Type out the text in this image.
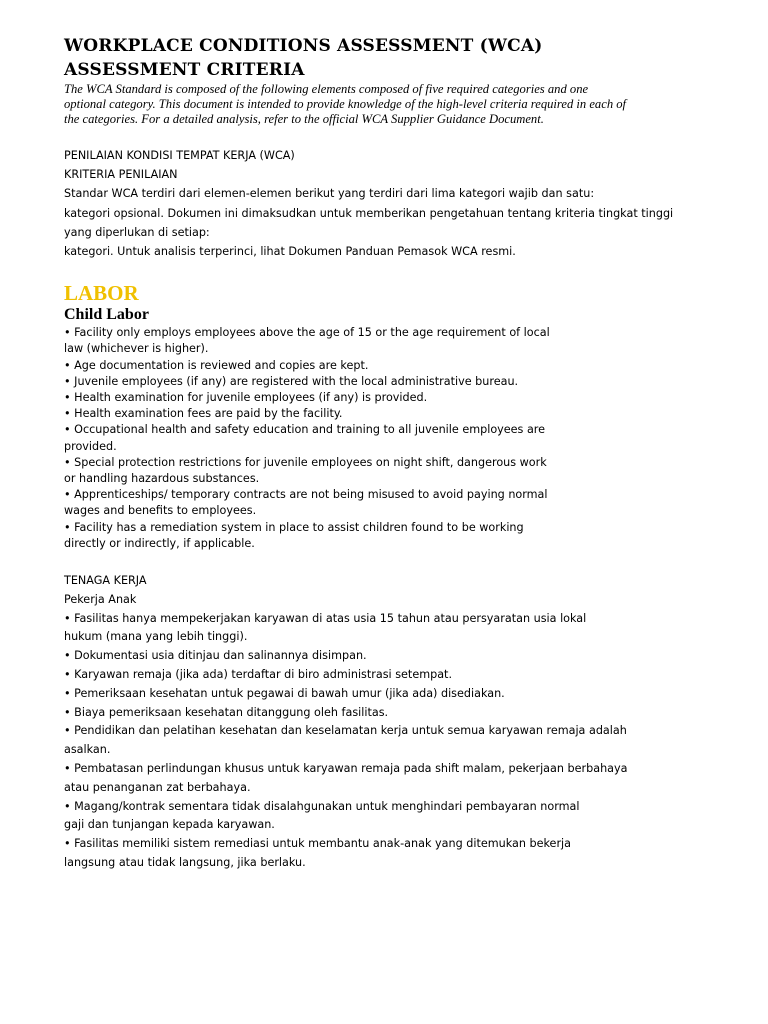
WORKPLACE CONDITIONS ASSESSMENT (WCA)
ASSESSMENT CRITERIA
The WCA Standard is composed of the following elements composed of five required categories and one
optional category. This document is intended to provide knowledge of the high-level criteria required in each of
the categories. For a detailed analysis, refer to the official WCA Supplier Guidance Document.
PENILAIAN KONDISI TEMPAT KERJA (WCA)
KRITERIA PENILAIAN
Standar WCA terdiri dari elemen-elemen berikut yang terdiri dari lima kategori wajib dan satu:
kategori opsional. Dokumen ini dimaksudkan untuk memberikan pengetahuan tentang kriteria tingkat tinggi
yang diperlukan di setiap:
kategori. Untuk analisis terperinci, lihat Dokumen Panduan Pemasok WCA resmi.
LABOR
Child Labor
• Facility only employs employees above the age of 15 or the age requirement of local
law (whichever is higher).
• Age documentation is reviewed and copies are kept.
• Juvenile employees (if any) are registered with the local administrative bureau.
• Health examination for juvenile employees (if any) is provided.
• Health examination fees are paid by the facility.
• Occupational health and safety education and training to all juvenile employees are
provided.
• Special protection restrictions for juvenile employees on night shift, dangerous work
or handling hazardous substances.
• Apprenticeships/ temporary contracts are not being misused to avoid paying normal
wages and benefits to employees.
• Facility has a remediation system in place to assist children found to be working
directly or indirectly, if applicable.
TENAGA KERJA
Pekerja Anak
• Fasilitas hanya mempekerjakan karyawan di atas usia 15 tahun atau persyaratan usia lokal
hukum (mana yang lebih tinggi).
• Dokumentasi usia ditinjau dan salinannya disimpan.
• Karyawan remaja (jika ada) terdaftar di biro administrasi setempat.
• Pemeriksaan kesehatan untuk pegawai di bawah umur (jika ada) disediakan.
• Biaya pemeriksaan kesehatan ditanggung oleh fasilitas.
• Pendidikan dan pelatihan kesehatan dan keselamatan kerja untuk semua karyawan remaja adalah
asalkan.
• Pembatasan perlindungan khusus untuk karyawan remaja pada shift malam, pekerjaan berbahaya
atau penanganan zat berbahaya.
• Magang/kontrak sementara tidak disalahgunakan untuk menghindari pembayaran normal
gaji dan tunjangan kepada karyawan.
• Fasilitas memiliki sistem remediasi untuk membantu anak-anak yang ditemukan bekerja
langsung atau tidak langsung, jika berlaku.
